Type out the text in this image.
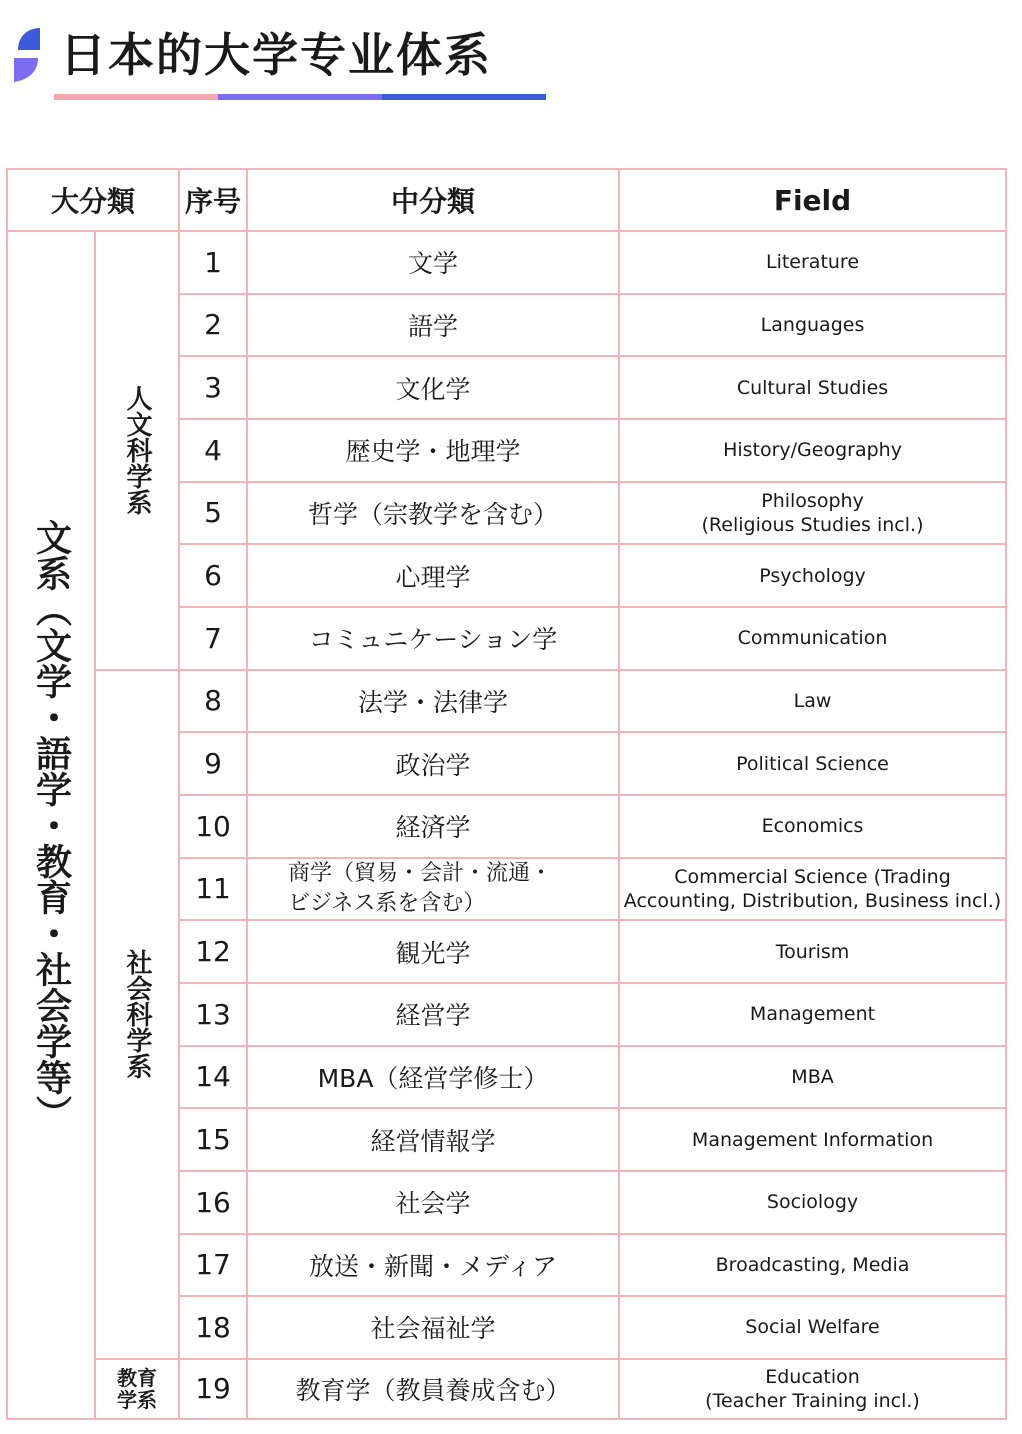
日本的大学专业体系
大分類		序号	中分類	Field

文系（文学・語学・教育・社会学等）	人文科学系	1	文学	Literature
		2	語学	Languages
		3	文化学	Cultural Studies
		4	歴史学・地理学	History/Geography
		5	哲学（宗教学を含む）	Philosophy
(Religious Studies incl.)
		6	心理学	Psychology
		7	コミュニケーション学	Communication

	社会科学系	8	法学・法律学	Law
		9	政治学	Political Science
		10	経済学	Economics
		11	商学（貿易・会計・流通・
ビジネス系を含む）	Commercial Science (Trading
Accounting, Distribution, Business incl.)
		12	観光学	Tourism
		13	経営学	Management
		14	MBA（経営学修士）	MBA
		15	経営情報学	Management Information
		16	社会学	Sociology
		17	放送・新聞・メディア	Broadcasting, Media
		18	社会福祉学	Social Welfare
	教育学系	19	教育学（教員養成含む）	Education
(Teacher Training incl.)
